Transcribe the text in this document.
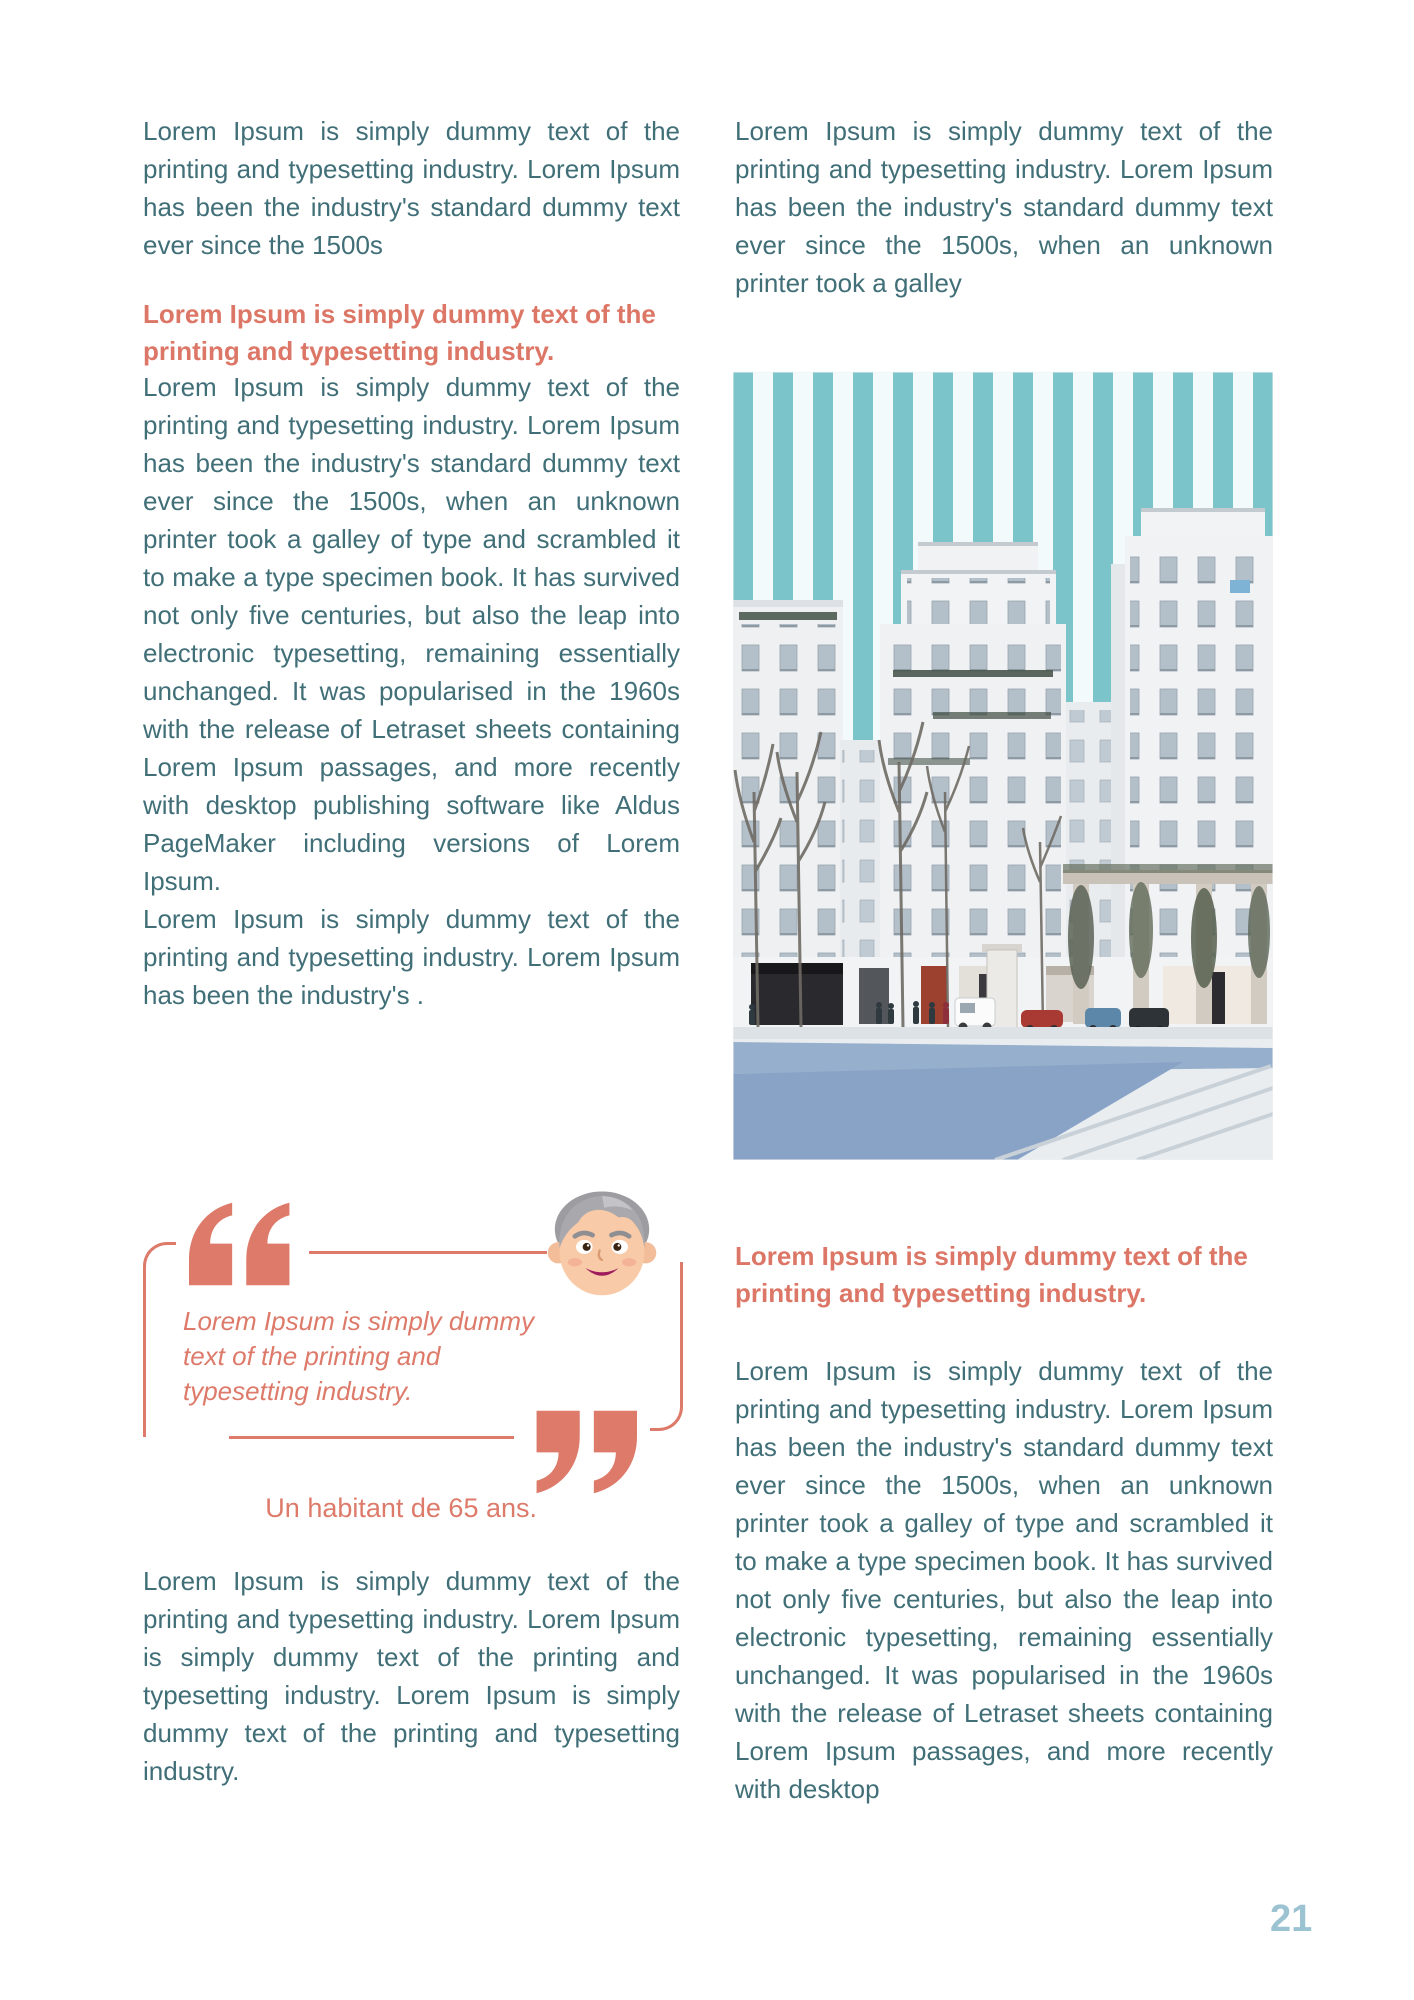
Lorem Ipsum is simply dummy text of the printing and typesetting industry. Lorem Ipsum has been the industry's standard dummy text ever since the 1500s

Lorem Ipsum is simply dummy text of the printing and typesetting industry.

Lorem Ipsum is simply dummy text of the printing and typesetting industry. Lorem Ipsum has been the industry's standard dummy text ever since the 1500s, when an unknown printer took a galley of type and scrambled it to make a type specimen book. It has survived not only five centuries, but also the leap into electronic typesetting, remaining essentially unchanged. It was popularised in the 1960s with the release of Letraset sheets containing Lorem Ipsum passages, and more recently with desktop publishing software like Aldus PageMaker including versions of Lorem Ipsum.

Lorem Ipsum is simply dummy text of the printing and typesetting industry. Lorem Ipsum has been the industry's .

Lorem Ipsum is simply dummy text of the printing and typesetting industry.

Un habitant de 65 ans.

Lorem Ipsum is simply dummy text of the printing and typesetting industry. Lorem Ipsum is simply dummy text of the printing and typesetting industry. Lorem Ipsum is simply dummy text of the printing and typesetting industry.

Lorem Ipsum is simply dummy text of the printing and typesetting industry. Lorem Ipsum has been the industry's standard dummy text ever since the 1500s, when an unknown printer took a galley

Lorem Ipsum is simply dummy text of the printing and typesetting industry.

Lorem Ipsum is simply dummy text of the printing and typesetting industry. Lorem Ipsum has been the industry's standard dummy text ever since the 1500s, when an unknown printer took a galley of type and scrambled it to make a type specimen book. It has survived not only five centuries, but also the leap into electronic typesetting, remaining essentially unchanged. It was popularised in the 1960s with the release of Letraset sheets containing Lorem Ipsum passages, and more recently with desktop

21
